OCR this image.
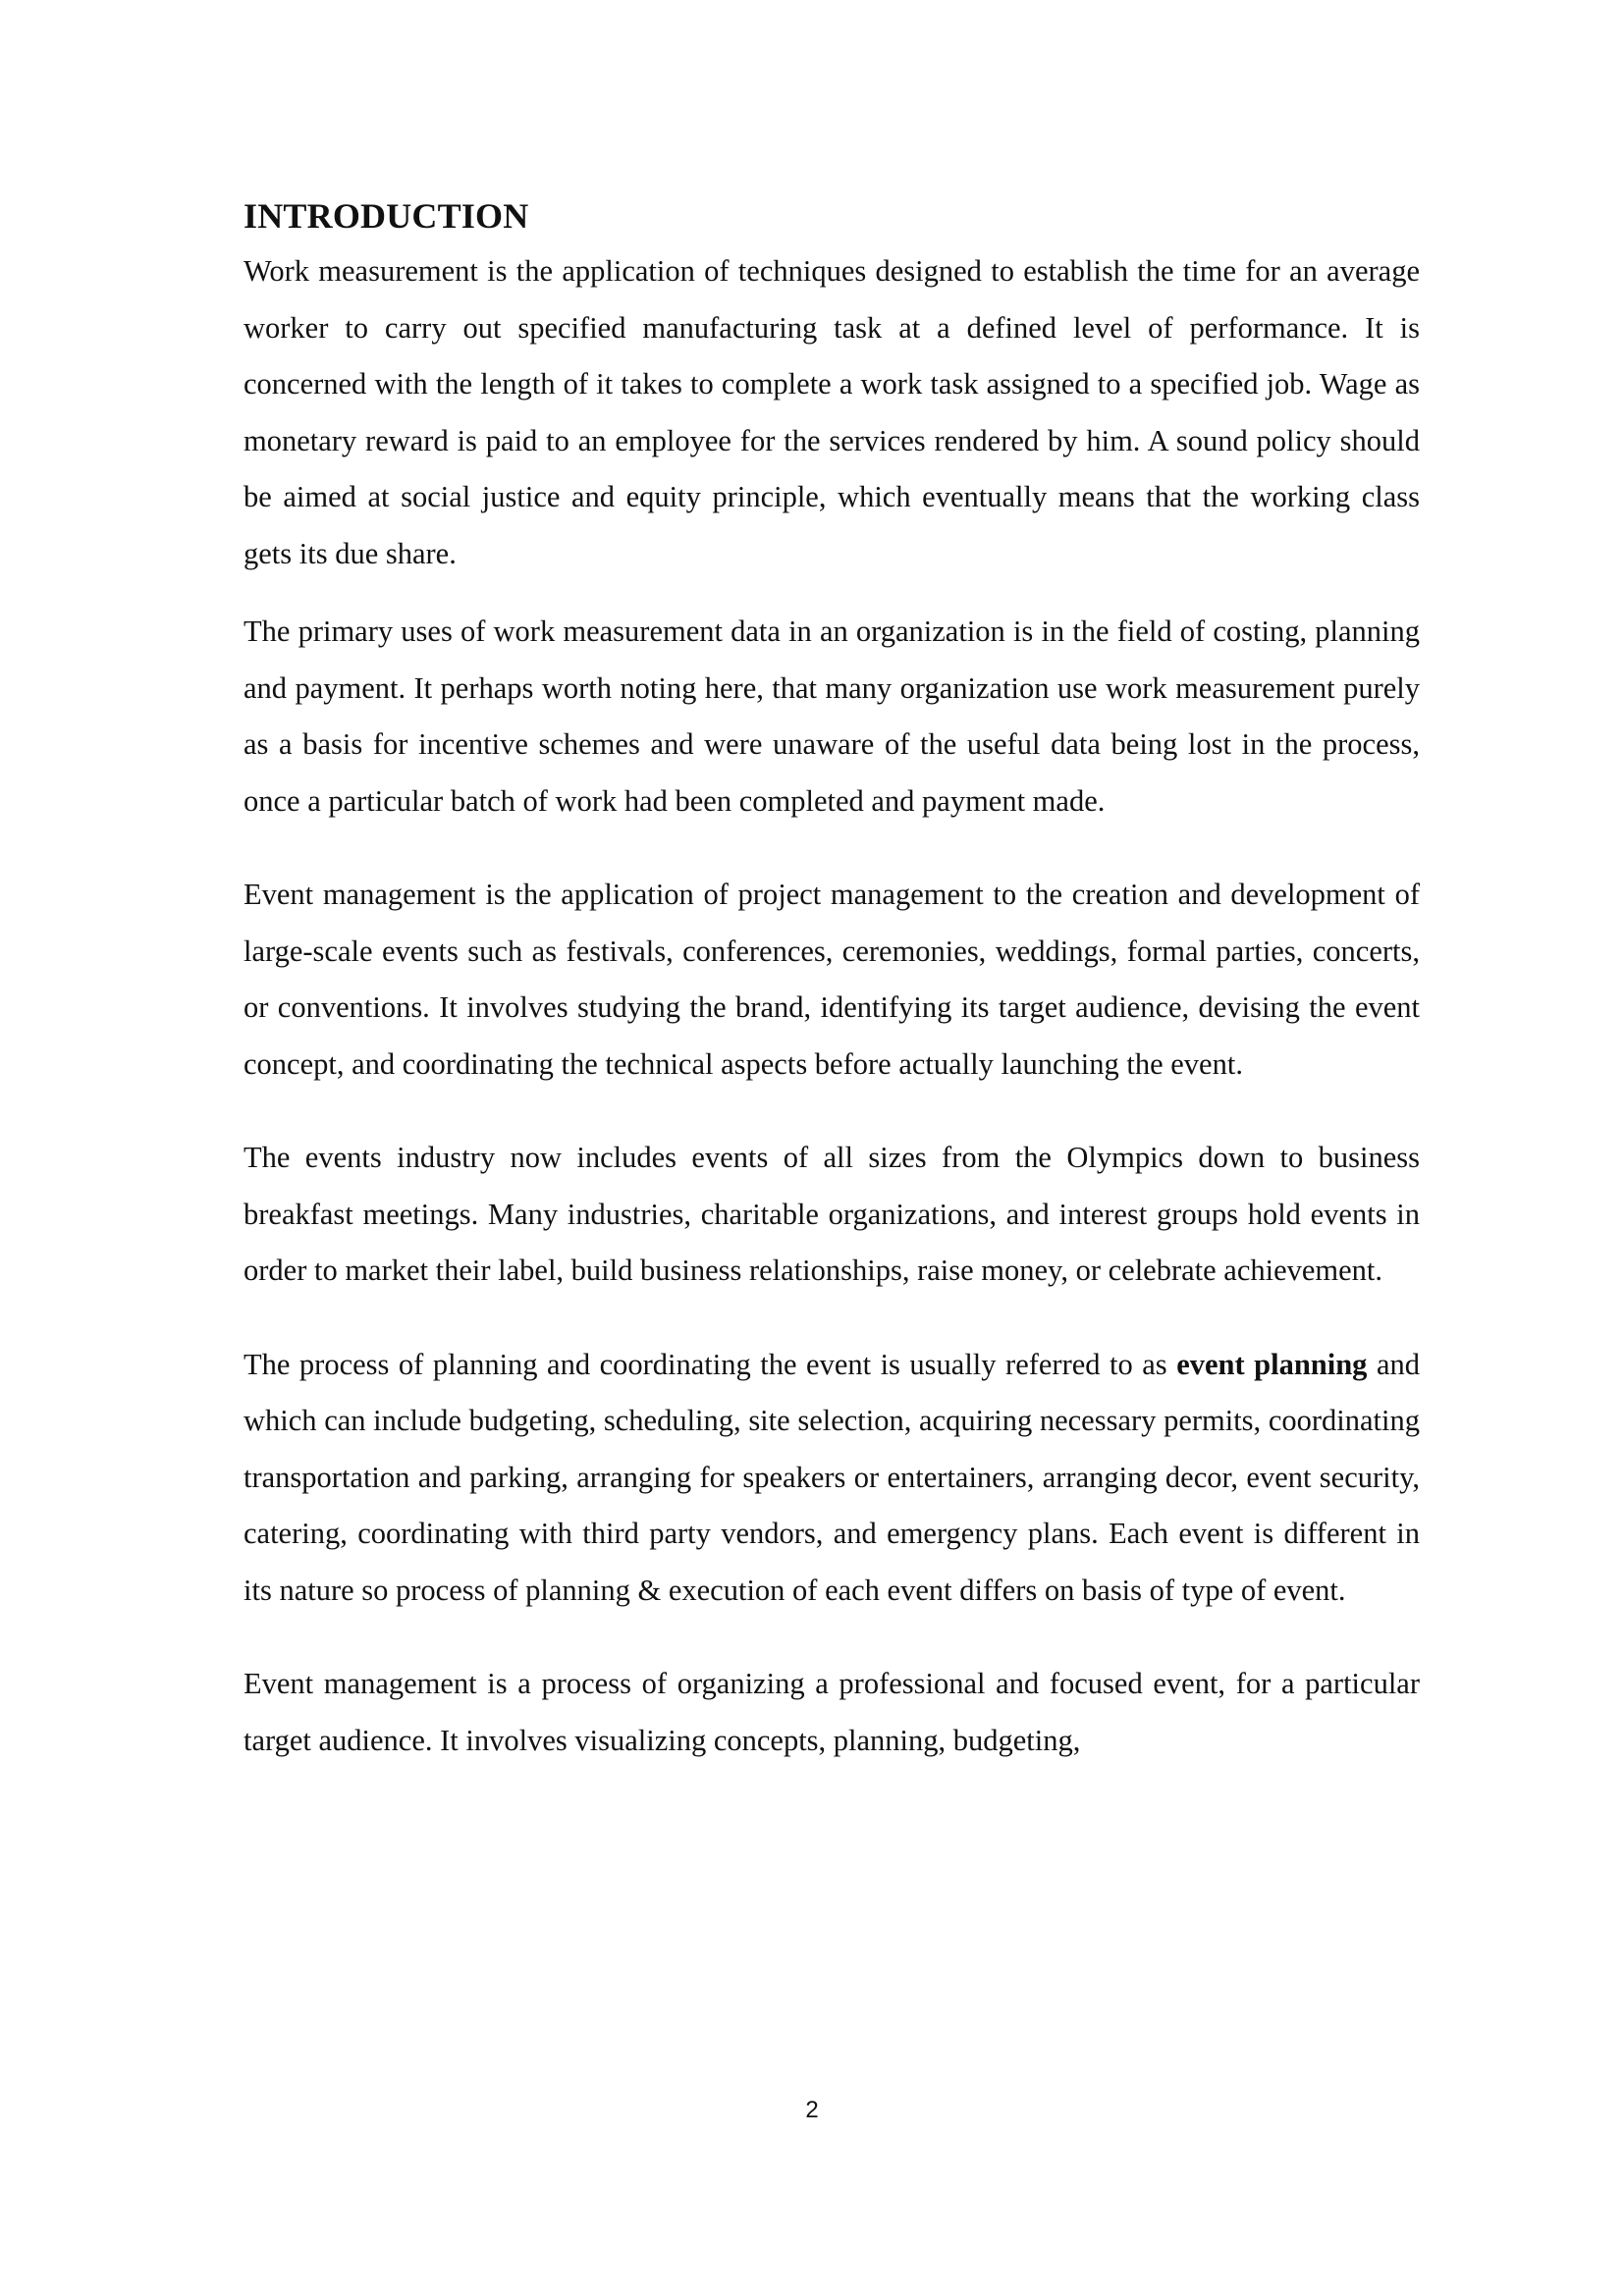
INTRODUCTION

Work measurement is the application of techniques designed to establish the time for an average worker to carry out specified manufacturing task at a defined level of performance. It is concerned with the length of it takes to complete a work task assigned to a specified job. Wage as monetary reward is paid to an employee for the services rendered by him. A sound policy should be aimed at social justice and equity principle, which eventually means that the working class gets its due share.

The primary uses of work measurement data in an organization is in the field of costing, planning and payment. It perhaps worth noting here, that many organization use work measurement purely as a basis for incentive schemes and were unaware of the useful data being lost in the process, once a particular batch of work had been completed and payment made.

Event management is the application of project management to the creation and development of large-scale events such as festivals, conferences, ceremonies, weddings, formal parties, concerts, or conventions. It involves studying the brand, identifying its target audience, devising the event concept, and coordinating the technical aspects before actually launching the event.

The events industry now includes events of all sizes from the Olympics down to business breakfast meetings. Many industries, charitable organizations, and interest groups hold events in order to market their label, build business relationships, raise money, or celebrate achievement.

The process of planning and coordinating the event is usually referred to as event planning and which can include budgeting, scheduling, site selection, acquiring necessary permits, coordinating transportation and parking, arranging for speakers or entertainers, arranging decor, event security, catering, coordinating with third party vendors, and emergency plans. Each event is different in its nature so process of planning & execution of each event differs on basis of type of event.

Event management is a process of organizing a professional and focused event, for a particular target audience. It involves visualizing concepts, planning, budgeting,

2
